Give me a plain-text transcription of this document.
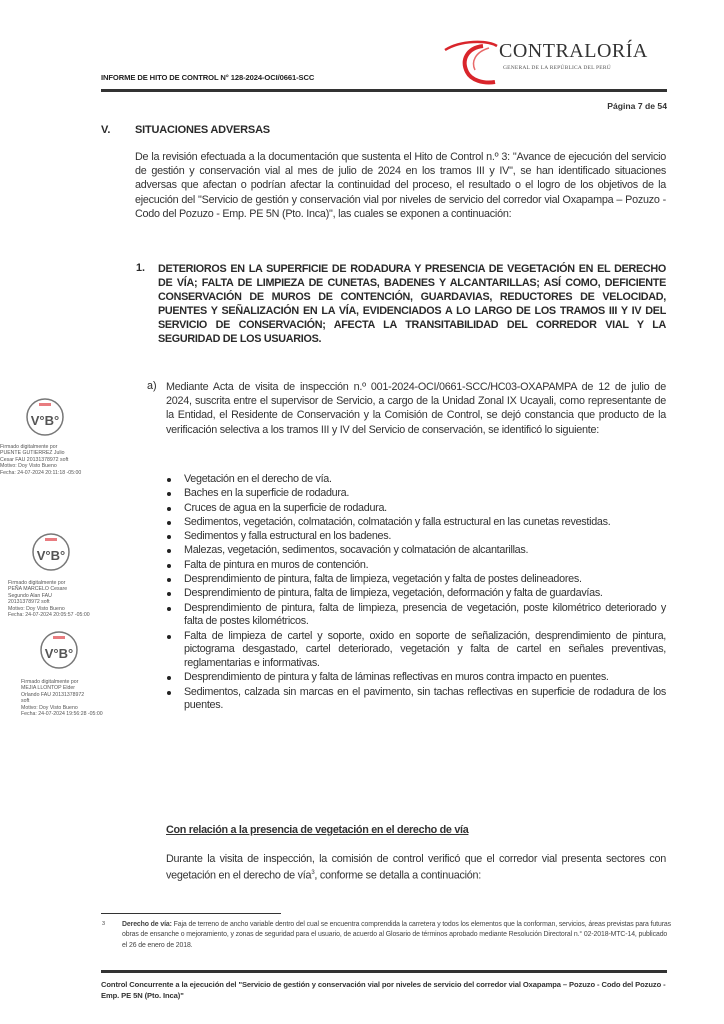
INFORME DE HITO DE CONTROL N° 128-2024-OCI/0661-SCC
CONTRALORÍA
GENERAL DE LA REPÚBLICA DEL PERÚ
Página 7 de 54
V. SITUACIONES ADVERSAS
De la revisión efectuada a la documentación que sustenta el Hito de Control n.º 3: "Avance de ejecución del servicio de gestión y conservación vial al mes de julio de 2024 en los tramos III y IV", se han identificado situaciones adversas que afectan o podrían afectar la continuidad del proceso, el resultado o el logro de los objetivos de la ejecución del "Servicio de gestión y conservación vial por niveles de servicio del corredor vial Oxapampa – Pozuzo - Codo del Pozuzo - Emp. PE 5N (Pto. Inca)", las cuales se exponen a continuación:
1. DETERIOROS EN LA SUPERFICIE DE RODADURA Y PRESENCIA DE VEGETACIÓN EN EL DERECHO DE VÍA; FALTA DE LIMPIEZA DE CUNETAS, BADENES Y ALCANTARILLAS; ASÍ COMO, DEFICIENTE CONSERVACIÓN DE MUROS DE CONTENCIÓN, GUARDAVIAS, REDUCTORES DE VELOCIDAD, PUENTES Y SEÑALIZACIÓN EN LA VÍA, EVIDENCIADOS A LO LARGO DE LOS TRAMOS III Y IV DEL SERVICIO DE CONSERVACIÓN; AFECTA LA TRANSITABILIDAD DEL CORREDOR VIAL Y LA SEGURIDAD DE LOS USUARIOS.
a) Mediante Acta de visita de inspección n.º 001-2024-OCI/0661-SCC/HC03-OXAPAMPA de 12 de julio de 2024, suscrita entre el supervisor de Servicio, a cargo de la Unidad Zonal IX Ucayali, como representante de la Entidad, el Residente de Conservación y la Comisión de Control, se dejó constancia que producto de la verificación selectiva a los tramos III y IV del Servicio de conservación, se identificó lo siguiente:
Vegetación en el derecho de vía.
Baches en la superficie de rodadura.
Cruces de agua en la superficie de rodadura.
Sedimentos, vegetación, colmatación, colmatación y falla estructural en las cunetas revestidas.
Sedimentos y falla estructural en los badenes.
Malezas, vegetación, sedimentos, socavación y colmatación de alcantarillas.
Falta de pintura en muros de contención.
Desprendimiento de pintura, falta de limpieza, vegetación y falta de postes delineadores.
Desprendimiento de pintura, falta de limpieza, vegetación, deformación y falta de guardavías.
Desprendimiento de pintura, falta de limpieza, presencia de vegetación, poste kilométrico deteriorado y falta de postes kilométricos.
Falta de limpieza de cartel y soporte, oxido en soporte de señalización, desprendimiento de pintura, pictograma desgastado, cartel deteriorado, vegetación y falta de cartel en señales preventivas, reglamentarias e informativas.
Desprendimiento de pintura y falta de láminas reflectivas en muros contra impacto en puentes.
Sedimentos, calzada sin marcas en el pavimento, sin tachas reflectivas en superficie de rodadura de los puentes.
Con relación a la presencia de vegetación en el derecho de vía
Durante la visita de inspección, la comisión de control verificó que el corredor vial presenta sectores con vegetación en el derecho de vía$^3$, conforme se detalla a continuación:
3 Derecho de vía: Faja de terreno de ancho variable dentro del cual se encuentra comprendida la carretera y todos los elementos que la conforman, servicios, áreas previstas para futuras obras de ensanche o mejoramiento, y zonas de seguridad para el usuario, de acuerdo al Glosario de términos aprobado mediante Resolución Directoral n.° 02-2018-MTC-14, publicado el 26 de enero de 2018.
Control Concurrente a la ejecución del "Servicio de gestión y conservación vial por niveles de servicio del corredor vial Oxapampa – Pozuzo - Codo del Pozuzo - Emp. PE 5N (Pto. Inca)"
V°B°
Firmado digitalmente por
PUENTE GUTIERREZ Julio
Cesar FAU 20131378972 soft
Motivo: Doy Visto Bueno
Fecha: 24-07-2024 20:11:18 -05:00
V°B°
Firmado digitalmente por
PEÑA MARCELO Cesare
Segundo Alan FAU
20131378972 soft
Motivo: Doy Visto Bueno
Fecha: 24-07-2024 20:05:57 -05:00
V°B°
Firmado digitalmente por
MEJIA LLONTOP Elder
Orlando FAU 20131378972
soft
Motivo: Doy Visto Bueno
Fecha: 24-07-2024 19:56:28 -05:00
